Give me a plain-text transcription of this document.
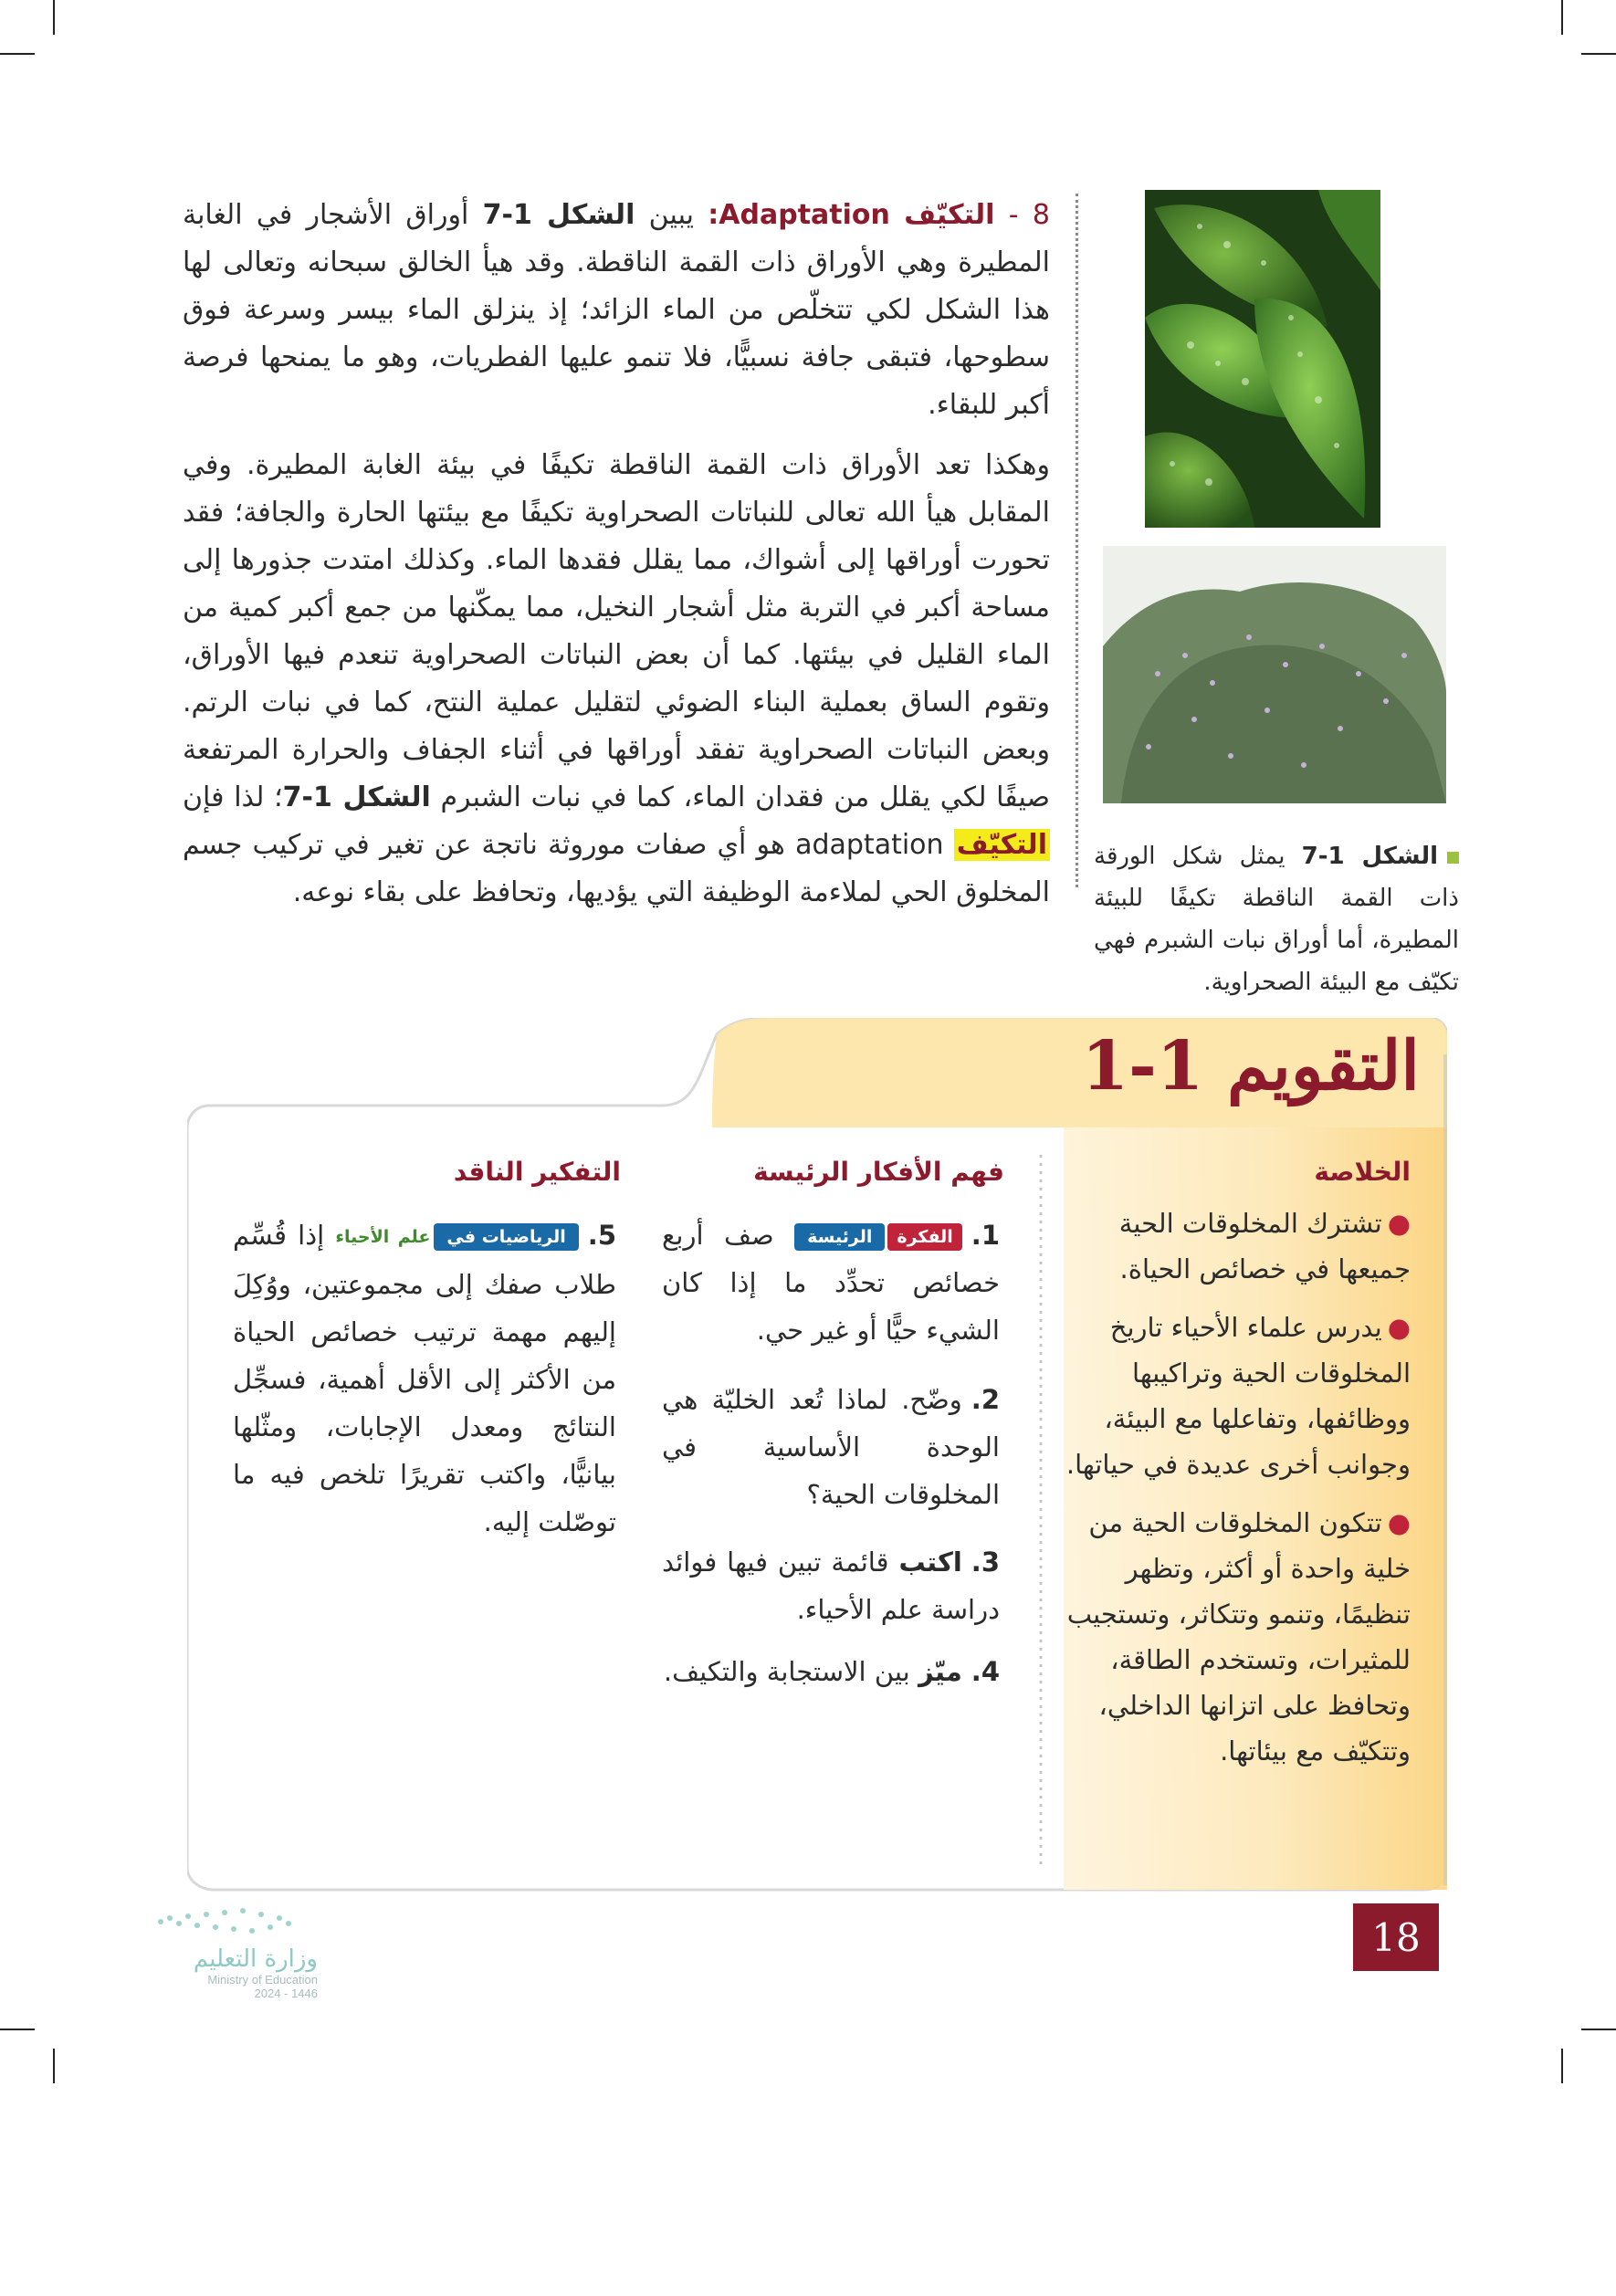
8 - التكيّف Adaptation: يبين الشكل 1-7 أوراق الأشجار في الغابة المطيرة وهي الأوراق ذات القمة الناقطة. وقد هيأ الخالق سبحانه وتعالى لها هذا الشكل لكي تتخلّص من الماء الزائد؛ إذ ينزلق الماء بيسر وسرعة فوق سطوحها، فتبقى جافة نسبيًّا، فلا تنمو عليها الفطريات، وهو ما يمنحها فرصة أكبر للبقاء.

وهكذا تعد الأوراق ذات القمة الناقطة تكيفًا في بيئة الغابة المطيرة. وفي المقابل هيأ الله تعالى للنباتات الصحراوية تكيفًا مع بيئتها الحارة والجافة؛ فقد تحورت أوراقها إلى أشواك، مما يقلل فقدها الماء. وكذلك امتدت جذورها إلى مساحة أكبر في التربة مثل أشجار النخيل، مما يمكّنها من جمع أكبر كمية من الماء القليل في بيئتها. كما أن بعض النباتات الصحراوية تنعدم فيها الأوراق، وتقوم الساق بعملية البناء الضوئي لتقليل عملية النتح، كما في نبات الرتم. وبعض النباتات الصحراوية تفقد أوراقها في أثناء الجفاف والحرارة المرتفعة صيفًا لكي يقلل من فقدان الماء، كما في نبات الشبرم الشكل 1-7؛ لذا فإن التكيّف adaptation هو أي صفات موروثة ناتجة عن تغير في تركيب جسم المخلوق الحي لملاءمة الوظيفة التي يؤديها، وتحافظ على بقاء نوعه.

الشكل 1-7 يمثل شكل الورقة ذات القمة الناقطة تكيفًا للبيئة المطيرة، أما أوراق نبات الشبرم فهي تكيّف مع البيئة الصحراوية.
التقويم 1-1
الخلاصة
●تشترك المخلوقات الحية جميعها في خصائص الحياة.
●يدرس علماء الأحياء تاريخ المخلوقات الحية وتراكيبها ووظائفها، وتفاعلها مع البيئة، وجوانب أخرى عديدة في حياتها.
●تتكون المخلوقات الحية من خلية واحدة أو أكثر، وتظهر تنظيمًا، وتنمو وتتكاثر، وتستجيب للمثيرات، وتستخدم الطاقة، وتحافظ على اتزانها الداخلي، وتتكيّف مع بيئاتها.
فهم الأفكار الرئيسة
1.الفكرةالرئيسة صف أربع خصائص تحدِّد ما إذا كان الشيء حيًّا أو غير حي.
2.وضّح. لماذا تُعد الخليّة هي الوحدة الأساسية في المخلوقات الحية؟
3.اكتب قائمة تبين فيها فوائد دراسة علم الأحياء.
4.ميّز بين الاستجابة والتكيف.
التفكير الناقد
5.الرياضيات فيعلم الأحياء إذا قُسِّم طلاب صفك إلى مجموعتين، ووُكِلَ إليهم مهمة ترتيب خصائص الحياة من الأكثر إلى الأقل أهمية، فسجِّل النتائج ومعدل الإجابات، ومثّلها بيانيًّا، واكتب تقريرًا تلخص فيه ما توصّلت إليه.
18
وزارة التعليم
Ministry of Education
2024 - 1446
